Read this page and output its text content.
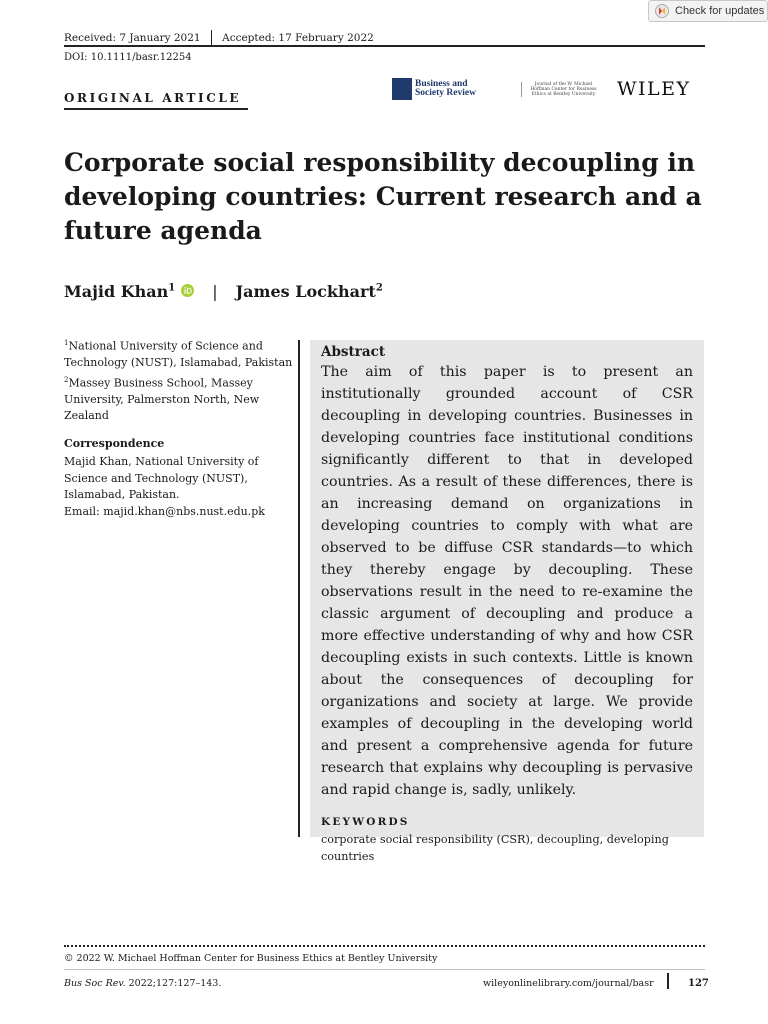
Check for updates
Received: 7 January 2021 Accepted: 17 February 2022
DOI: 10.1111/basr.12254
ORIGINAL ARTICLE
Business and
Society Review
Journal of the W. Michael Hoffman Center for Business Ethics at Bentley University WILEY
Corporate social responsibility decoupling in developing countries: Current research and a future agenda
Majid Khan$^1$ | James Lockhart$^2$
$^1$National University of Science and Technology (NUST), Islamabad, Pakistan
$^2$Massey Business School, Massey University, Palmerston North, New Zealand
Correspondence
Majid Khan, National University of
Science and Technology (NUST),
Islamabad, Pakistan.
Email: majid.khan@nbs.nust.edu.pk
Abstract

The aim of this paper is to present an institutionally grounded account of CSR decoupling in developing countries. Businesses in developing countries face institutional conditions significantly different to that in developed countries. As a result of these differences, there is an increasing demand on organizations in developing countries to comply with what are observed to be diffuse CSR standards—to which they thereby engage by decoupling. These observations result in the need to re-examine the classic argument of decoupling and produce a more effective understanding of why and how CSR decoupling exists in such contexts. Little is known about the consequences of decoupling for organizations and society at large. We provide examples of decoupling in the developing world and present a comprehensive agenda for future research that explains why decoupling is pervasive and rapid change is, sadly, unlikely.

KEYWORDS
corporate social responsibility (CSR), decoupling, developing countries
© 2022 W. Michael Hoffman Center for Business Ethics at Bentley University
Bus Soc Rev. 2022;127:127–143.	wileyonlinelibrary.com/journal/basr	127
